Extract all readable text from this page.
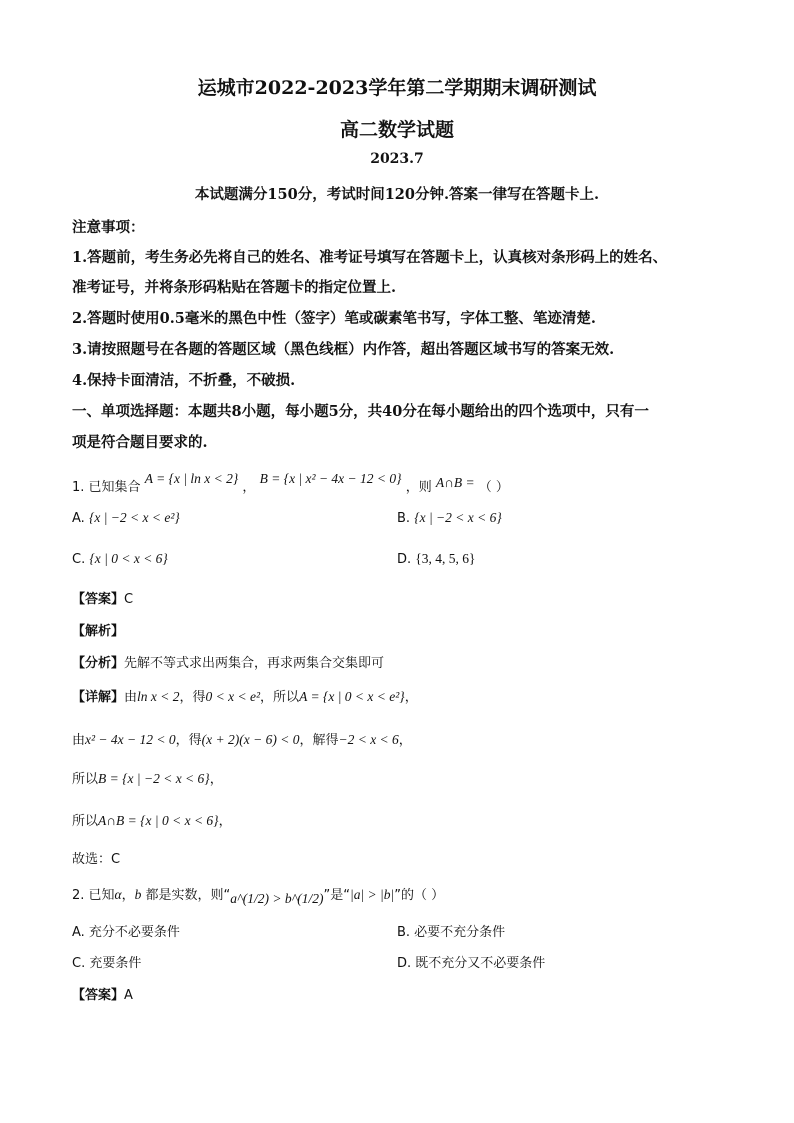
运城市2022-2023学年第二学期期末调研测试
高二数学试题
2023.7
本试题满分150分，考试时间120分钟.答案一律写在答题卡上.
注意事项：
1.答题前，考生务必先将自己的姓名、准考证号填写在答题卡上，认真核对条形码上的姓名、
准考证号，并将条形码粘贴在答题卡的指定位置上.
2.答题时使用0.5毫米的黑色中性（签字）笔或碳素笔书写，字体工整、笔迹清楚.
3.请按照题号在各题的答题区域（黑色线框）内作答，超出答题区域书写的答案无效.
4.保持卡面清洁，不折叠，不破损.
一、单项选择题：本题共8小题，每小题5分，共40分在每小题给出的四个选项中，只有一
项是符合题目要求的.
1. 已知集合 A = {x | ln x < 2} ， B = {x | x² − 4x − 12 < 0} ，则 A∩B = （ ）
A. {x | −2 < x < e²}	B. {x | −2 < x < 6}
C. {x | 0 < x < 6}	D. {3, 4, 5, 6}
【答案】C
【解析】
【分析】先解不等式求出两集合，再求两集合交集即可
【详解】由ln x < 2，得0 < x < e²，所以A = {x | 0 < x < e²}，
由x² − 4x − 12 < 0，得(x + 2)(x − 6) < 0，解得−2 < x < 6，
所以B = {x | −2 < x < 6}，
所以A∩B = {x | 0 < x < 6}，
故选：C
2. 已知α，b 都是实数，则“a^(1/2) > b^(1/2)”是“|a| > |b|”的（ ）
A. 充分不必要条件	B. 必要不充分条件
C. 充要条件	D. 既不充分又不必要条件
【答案】A
